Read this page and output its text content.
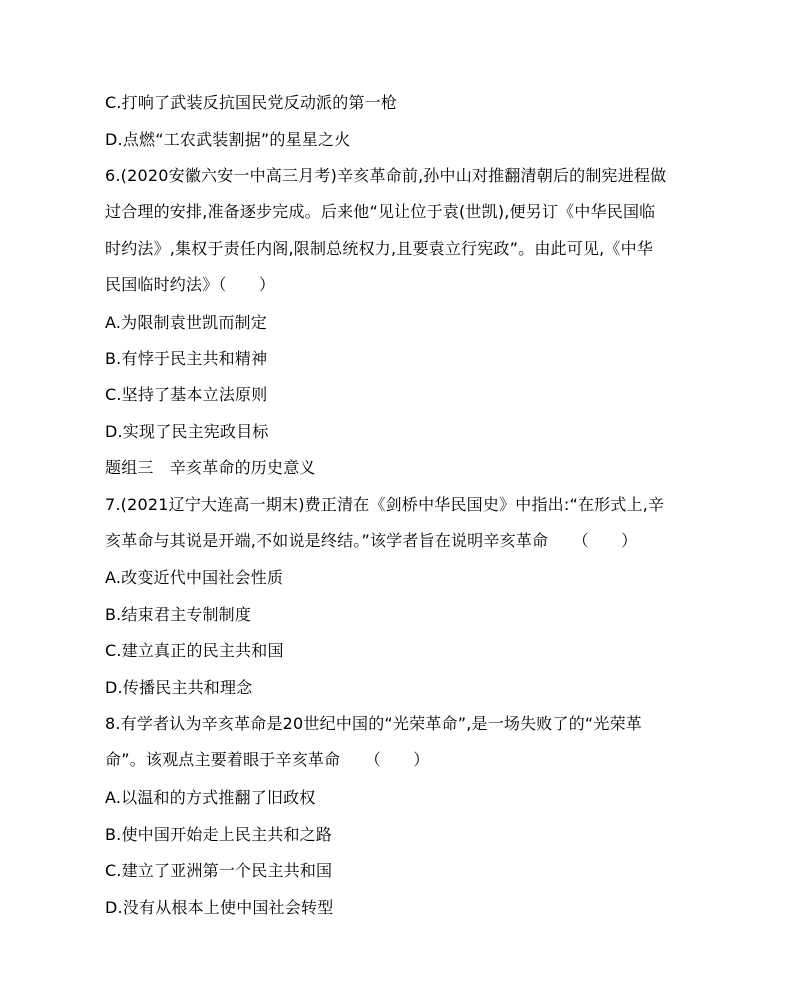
C.打响了武装反抗国民党反动派的第一枪
D.点燃“工农武装割据”的星星之火
6.(2020安徽六安一中高三月考)辛亥革命前,孙中山对推翻清朝后的制宪进程做
过合理的安排,准备逐步完成。后来他“见让位于袁(世凯),便另订《中华民国临
时约法》,集权于责任内阁,限制总统权力,且要袁立行宪政”。由此可见,《中华
民国临时约法》（　　）
A.为限制袁世凯而制定
B.有悖于民主共和精神
C.坚持了基本立法原则
D.实现了民主宪政目标
题组三　辛亥革命的历史意义
7.(2021辽宁大连高一期末)费正清在《剑桥中华民国史》中指出:“在形式上,辛
亥革命与其说是开端,不如说是终结。”该学者旨在说明辛亥革命　　（　　）
A.改变近代中国社会性质
B.结束君主专制制度
C.建立真正的民主共和国
D.传播民主共和理念
8.有学者认为辛亥革命是20世纪中国的“光荣革命”,是一场失败了的“光荣革
命”。该观点主要着眼于辛亥革命　　（　　）
A.以温和的方式推翻了旧政权
B.使中国开始走上民主共和之路
C.建立了亚洲第一个民主共和国
D.没有从根本上使中国社会转型
